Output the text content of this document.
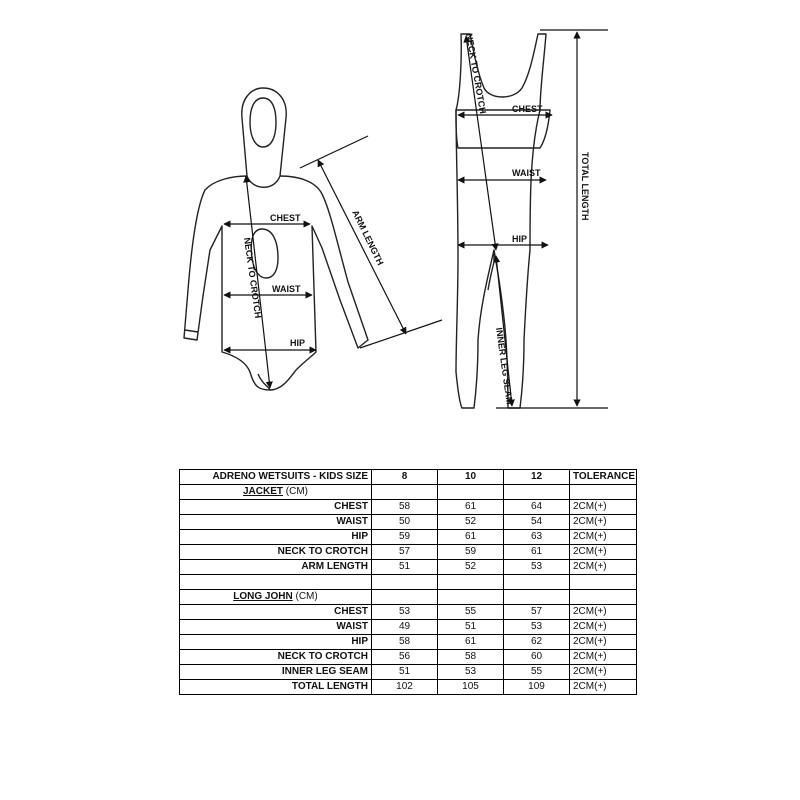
CHEST
WAIST
HIP
NECK TO CROTCH	ARM LENGTH
CHEST
WAIST
HIP
NECK TO CROTCH
TOTAL LENGTH
INNER LEG SEAM
ADRENO WETSUITS - KIDS SIZE	8	10	12	TOLERANCE
JACKET (CM)				
CHEST	58	61	64	2CM(+)
WAIST	50	52	54	2CM(+)
HIP	59	61	63	2CM(+)
NECK TO CROTCH	57	59	61	2CM(+)
ARM LENGTH	51	52	53	2CM(+)

LONG JOHN (CM)				
CHEST	53	55	57	2CM(+)
WAIST	49	51	53	2CM(+)
HIP	58	61	62	2CM(+)
NECK TO CROTCH	56	58	60	2CM(+)
INNER LEG SEAM	51	53	55	2CM(+)
TOTAL LENGTH	102	105	109	2CM(+)
